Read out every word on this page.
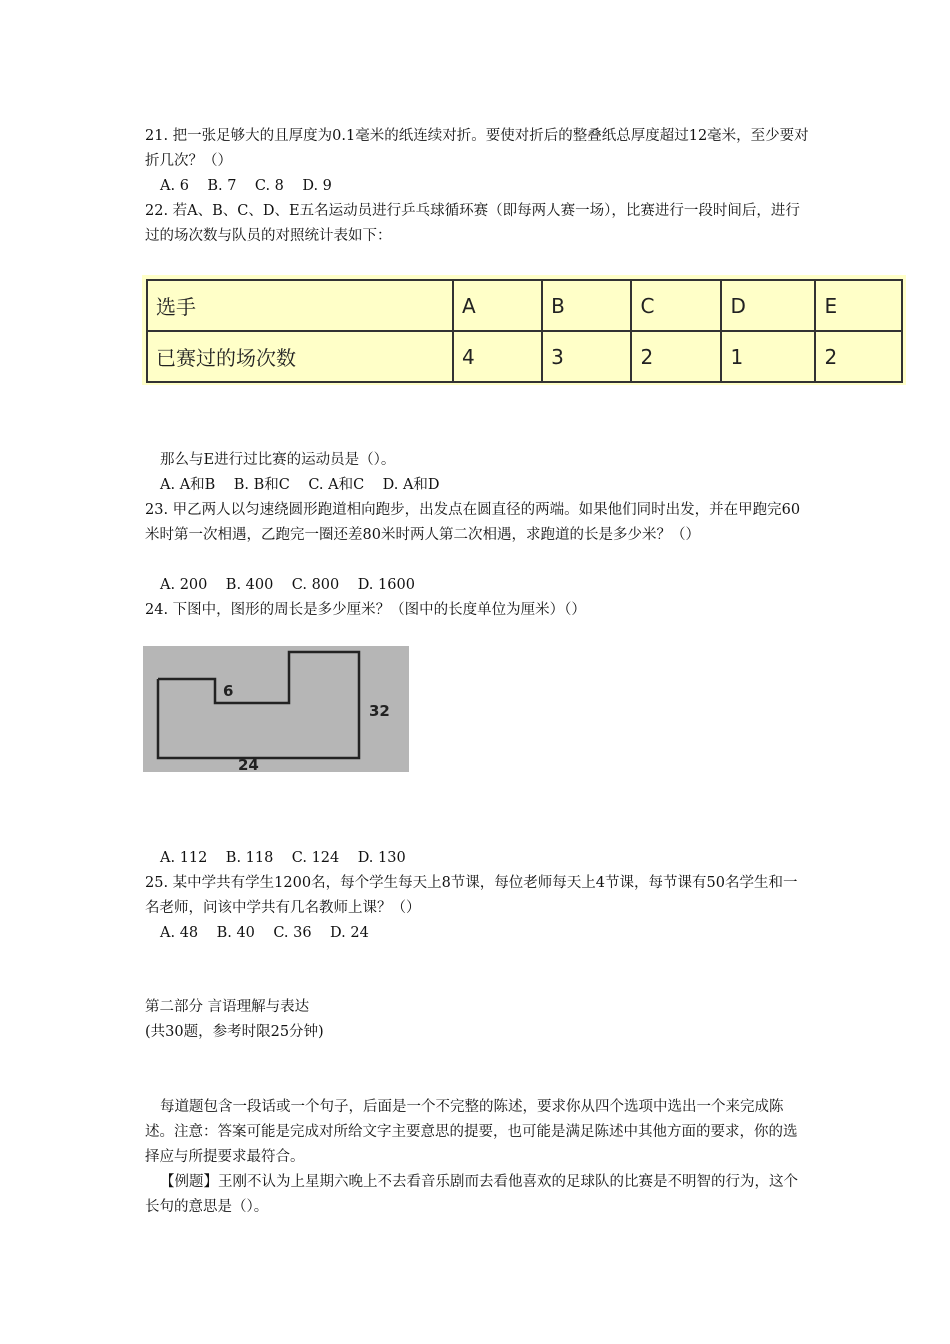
21. 把一张足够大的且厚度为0.1毫米的纸连续对折。要使对折后的整叠纸总厚度超过12毫米，至少要对折几次？（）

A. 6    B. 7    C. 8    D. 9

22. 若A、B、C、D、E五名运动员进行乒乓球循环赛（即每两人赛一场），比赛进行一段时间后，进行过的场次数与队员的对照统计表如下：

选手	A	B	C	D	E
已赛过的场次数	4	3	2	1	2

那么与E进行过比赛的运动员是（）。

A. A和B    B. B和C    C. A和C    D. A和D

23. 甲乙两人以匀速绕圆形跑道相向跑步，出发点在圆直径的两端。如果他们同时出发，并在甲跑完60米时第一次相遇，乙跑完一圈还差80米时两人第二次相遇，求跑道的长是多少米？（）

A. 200    B. 400    C. 800    D. 1600

24. 下图中，图形的周长是多少厘米？（图中的长度单位为厘米）（）

6
32
24

A. 112    B. 118    C. 124    D. 130

25. 某中学共有学生1200名，每个学生每天上8节课，每位老师每天上4节课，每节课有50名学生和一名老师，问该中学共有几名教师上课？（）

A. 48    B. 40    C. 36    D. 24

第二部分 言语理解与表达

(共30题，参考时限25分钟)

每道题包含一段话或一个句子，后面是一个不完整的陈述，要求你从四个选项中选出一个来完成陈述。注意：答案可能是完成对所给文字主要意思的提要，也可能是满足陈述中其他方面的要求，你的选择应与所提要求最符合。

【例题】王刚不认为上星期六晚上不去看音乐剧而去看他喜欢的足球队的比赛是不明智的行为，这个长句的意思是（）。
